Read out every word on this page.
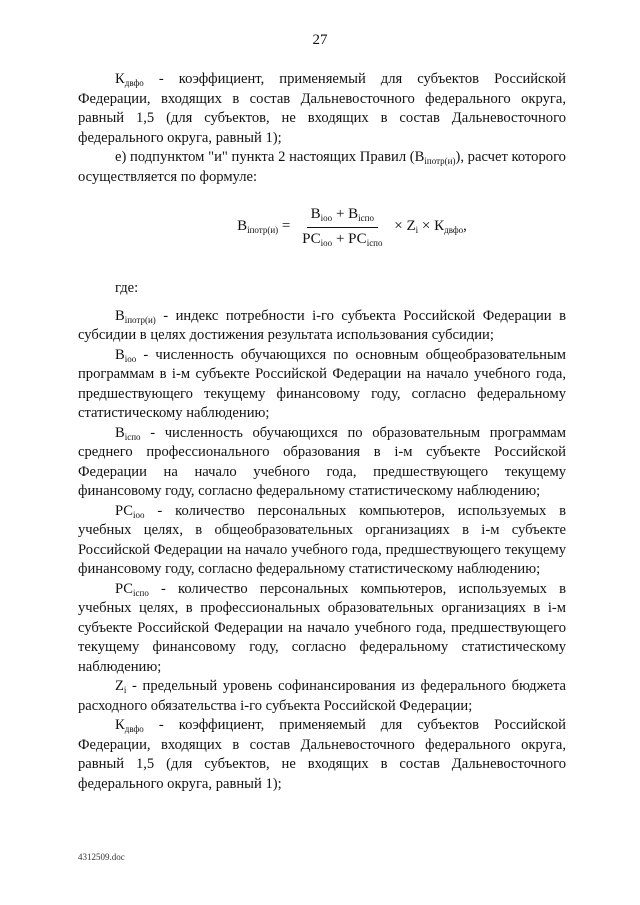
27

$К_{двфо}$ - коэффициент, применяемый для субъектов Российской Федерации, входящих в состав Дальневосточного федерального округа, равный 1,5 (для субъектов, не входящих в состав Дальневосточного федерального округа, равный 1);

е) подпунктом "и" пункта 2 настоящих Правил $(В_{iпотр(и)})$, расчет которого осуществляется по формуле:

$В_{iпотр(и)} = \frac{В_{iоо} + В_{iспо}}{РС_{iоо} + РС_{iспо}} \times Z_i \times К_{двфо}$ ,

где:

$В_{iпотр(и)}$ - индекс потребности i-го субъекта Российской Федерации в субсидии в целях достижения результата использования субсидии;

$В_{iоо}$ - численность обучающихся по основным общеобразовательным программам в i-м субъекте Российской Федерации на начало учебного года, предшествующего текущему финансовому году, согласно федеральному статистическому наблюдению;

$В_{iспо}$ - численность обучающихся по образовательным программам среднего профессионального образования в i-м субъекте Российской Федерации на начало учебного года, предшествующего текущему финансовому году, согласно федеральному статистическому наблюдению;

$РС_{iоо}$ - количество персональных компьютеров, используемых в учебных целях, в общеобразовательных организациях в i-м субъекте Российской Федерации на начало учебного года, предшествующего текущему финансовому году, согласно федеральному статистическому наблюдению;

$РС_{iспо}$ - количество персональных компьютеров, используемых в учебных целях, в профессиональных образовательных организациях в i-м субъекте Российской Федерации на начало учебного года, предшествующего текущему финансовому году, согласно федеральному статистическому наблюдению;

$Z_i$ - предельный уровень софинансирования из федерального бюджета расходного обязательства i-го субъекта Российской Федерации;

$К_{двфо}$ - коэффициент, применяемый для субъектов Российской Федерации, входящих в состав Дальневосточного федерального округа, равный 1,5 (для субъектов, не входящих в состав Дальневосточного федерального округа, равный 1);

4312509.doc
